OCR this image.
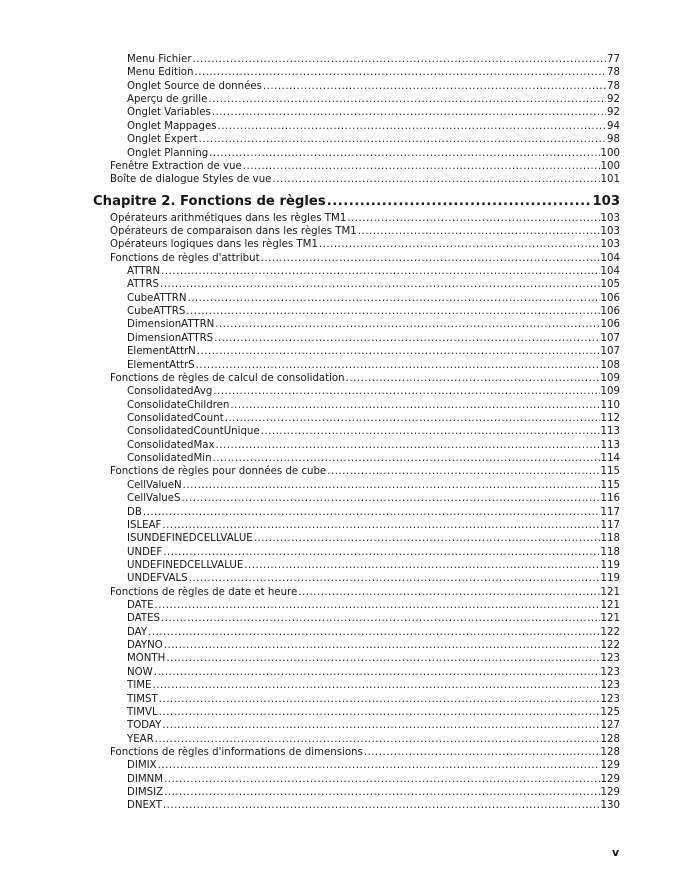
Menu Fichier .....	77
Menu Edition .....	78
Onglet Source de données .....	78
Aperçu de grille .....	92
Onglet Variables .....	92
Onglet Mappages .....	94
Onglet Expert .....	98
Onglet Planning .....	100
Fenêtre Extraction de vue .....	100
Boîte de dialogue Styles de vue .....	101
Chapitre 2. Fonctions de règles .....	103
Opérateurs arithmétiques dans les règles TM1 .....	103
Opérateurs de comparaison dans les règles TM1 .....	103
Opérateurs logiques dans les règles TM1 .....	103
Fonctions de règles d'attribut .....	104
ATTRN .....	104
ATTRS .....	105
CubeATTRN .....	106
CubeATTRS .....	106
DimensionATTRN .....	106
DimensionATTRS .....	107
ElementAttrN .....	107
ElementAttrS .....	108
Fonctions de règles de calcul de consolidation .....	109
ConsolidatedAvg .....	109
ConsolidateChildren .....	110
ConsolidatedCount .....	112
ConsolidatedCountUnique .....	113
ConsolidatedMax .....	113
ConsolidatedMin .....	114
Fonctions de règles pour données de cube .....	115
CellValueN .....	115
CellValueS .....	116
DB .....	117
ISLEAF .....	117
ISUNDEFINEDCELLVALUE .....	118
UNDEF .....	118
UNDEFINEDCELLVALUE .....	119
UNDEFVALS .....	119
Fonctions de règles de date et heure .....	121
DATE .....	121
DATES .....	121
DAY .....	122
DAYNO .....	122
MONTH .....	123
NOW .....	123
TIME .....	123
TIMST .....	123
TIMVL .....	125
TODAY .....	127
YEAR .....	128
Fonctions de règles d'informations de dimensions .....	128
DIMIX .....	129
DIMNM .....	129
DIMSIZ .....	129
DNEXT .....	130
v
